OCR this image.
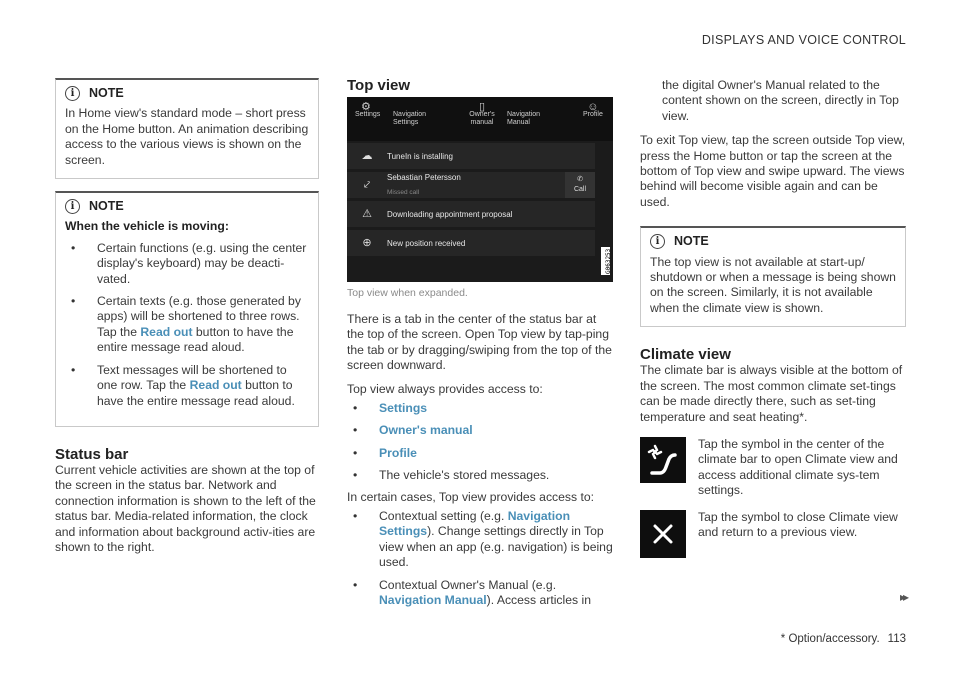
DISPLAYS AND VOICE CONTROL
i	NOTE

In Home view's standard mode – short press on the Home button. An animation describing access to the various views is shown on the screen.

i	NOTE

When the vehicle is moving:

• Certain functions (e.g. using the center display's keyboard) may be deacti-vated.
• Certain texts (e.g. those generated by apps) will be shortened to three rows. Tap the Read out button to have the entire message read aloud.
• Text messages will be shortened to one row. Tap the Read out button to have the entire message read aloud.
Status bar

Current vehicle activities are shown at the top of the screen in the status bar. Network and connection information is shown to the left of the status bar. Media-related information, the clock and information about background activ-ities are shown to the right.

Top view
⚙
Settings Navigation Settings
▯
Owner's manual
Navigation Manual
☺
Profile
☁	TuneIn is installing
⤦
Sebastian Petersson
Missed call
✆
Call
⚠	Downloading appointment proposal
⊕	New position received
G063253

Top view when expanded.

There is a tab in the center of the status bar at the top of the screen. Open Top view by tap-ping the tab or by dragging/swiping from the top of the screen downward.

Top view always provides access to:

• Settings
• Owner's manual
• Profile
• The vehicle's stored messages.

In certain cases, Top view provides access to:

• Contextual setting (e.g. Navigation Settings). Change settings directly in Top view when an app (e.g. navigation) is being used.
• Contextual Owner's Manual (e.g. Navigation Manual). Access articles in

the digital Owner's Manual related to the content shown on the screen, directly in Top view.

To exit Top view, tap the screen outside Top view, press the Home button or tap the screen at the bottom of Top view and swipe upward. The views behind will become visible again and can be used.

i	NOTE

The top view is not available at start-up/ shutdown or when a message is being shown on the screen. Similarly, it is not available when the climate view is shown.

Climate view

The climate bar is always visible at the bottom of the screen. The most common climate set-tings can be made directly there, such as set-ting temperature and seat heating*.

Tap the symbol in the center of the climate bar to open Climate view and access additional climate sys-tem settings.

Tap the symbol to close Climate view and return to a previous view.

▸▸
* Option/accessory. 113
